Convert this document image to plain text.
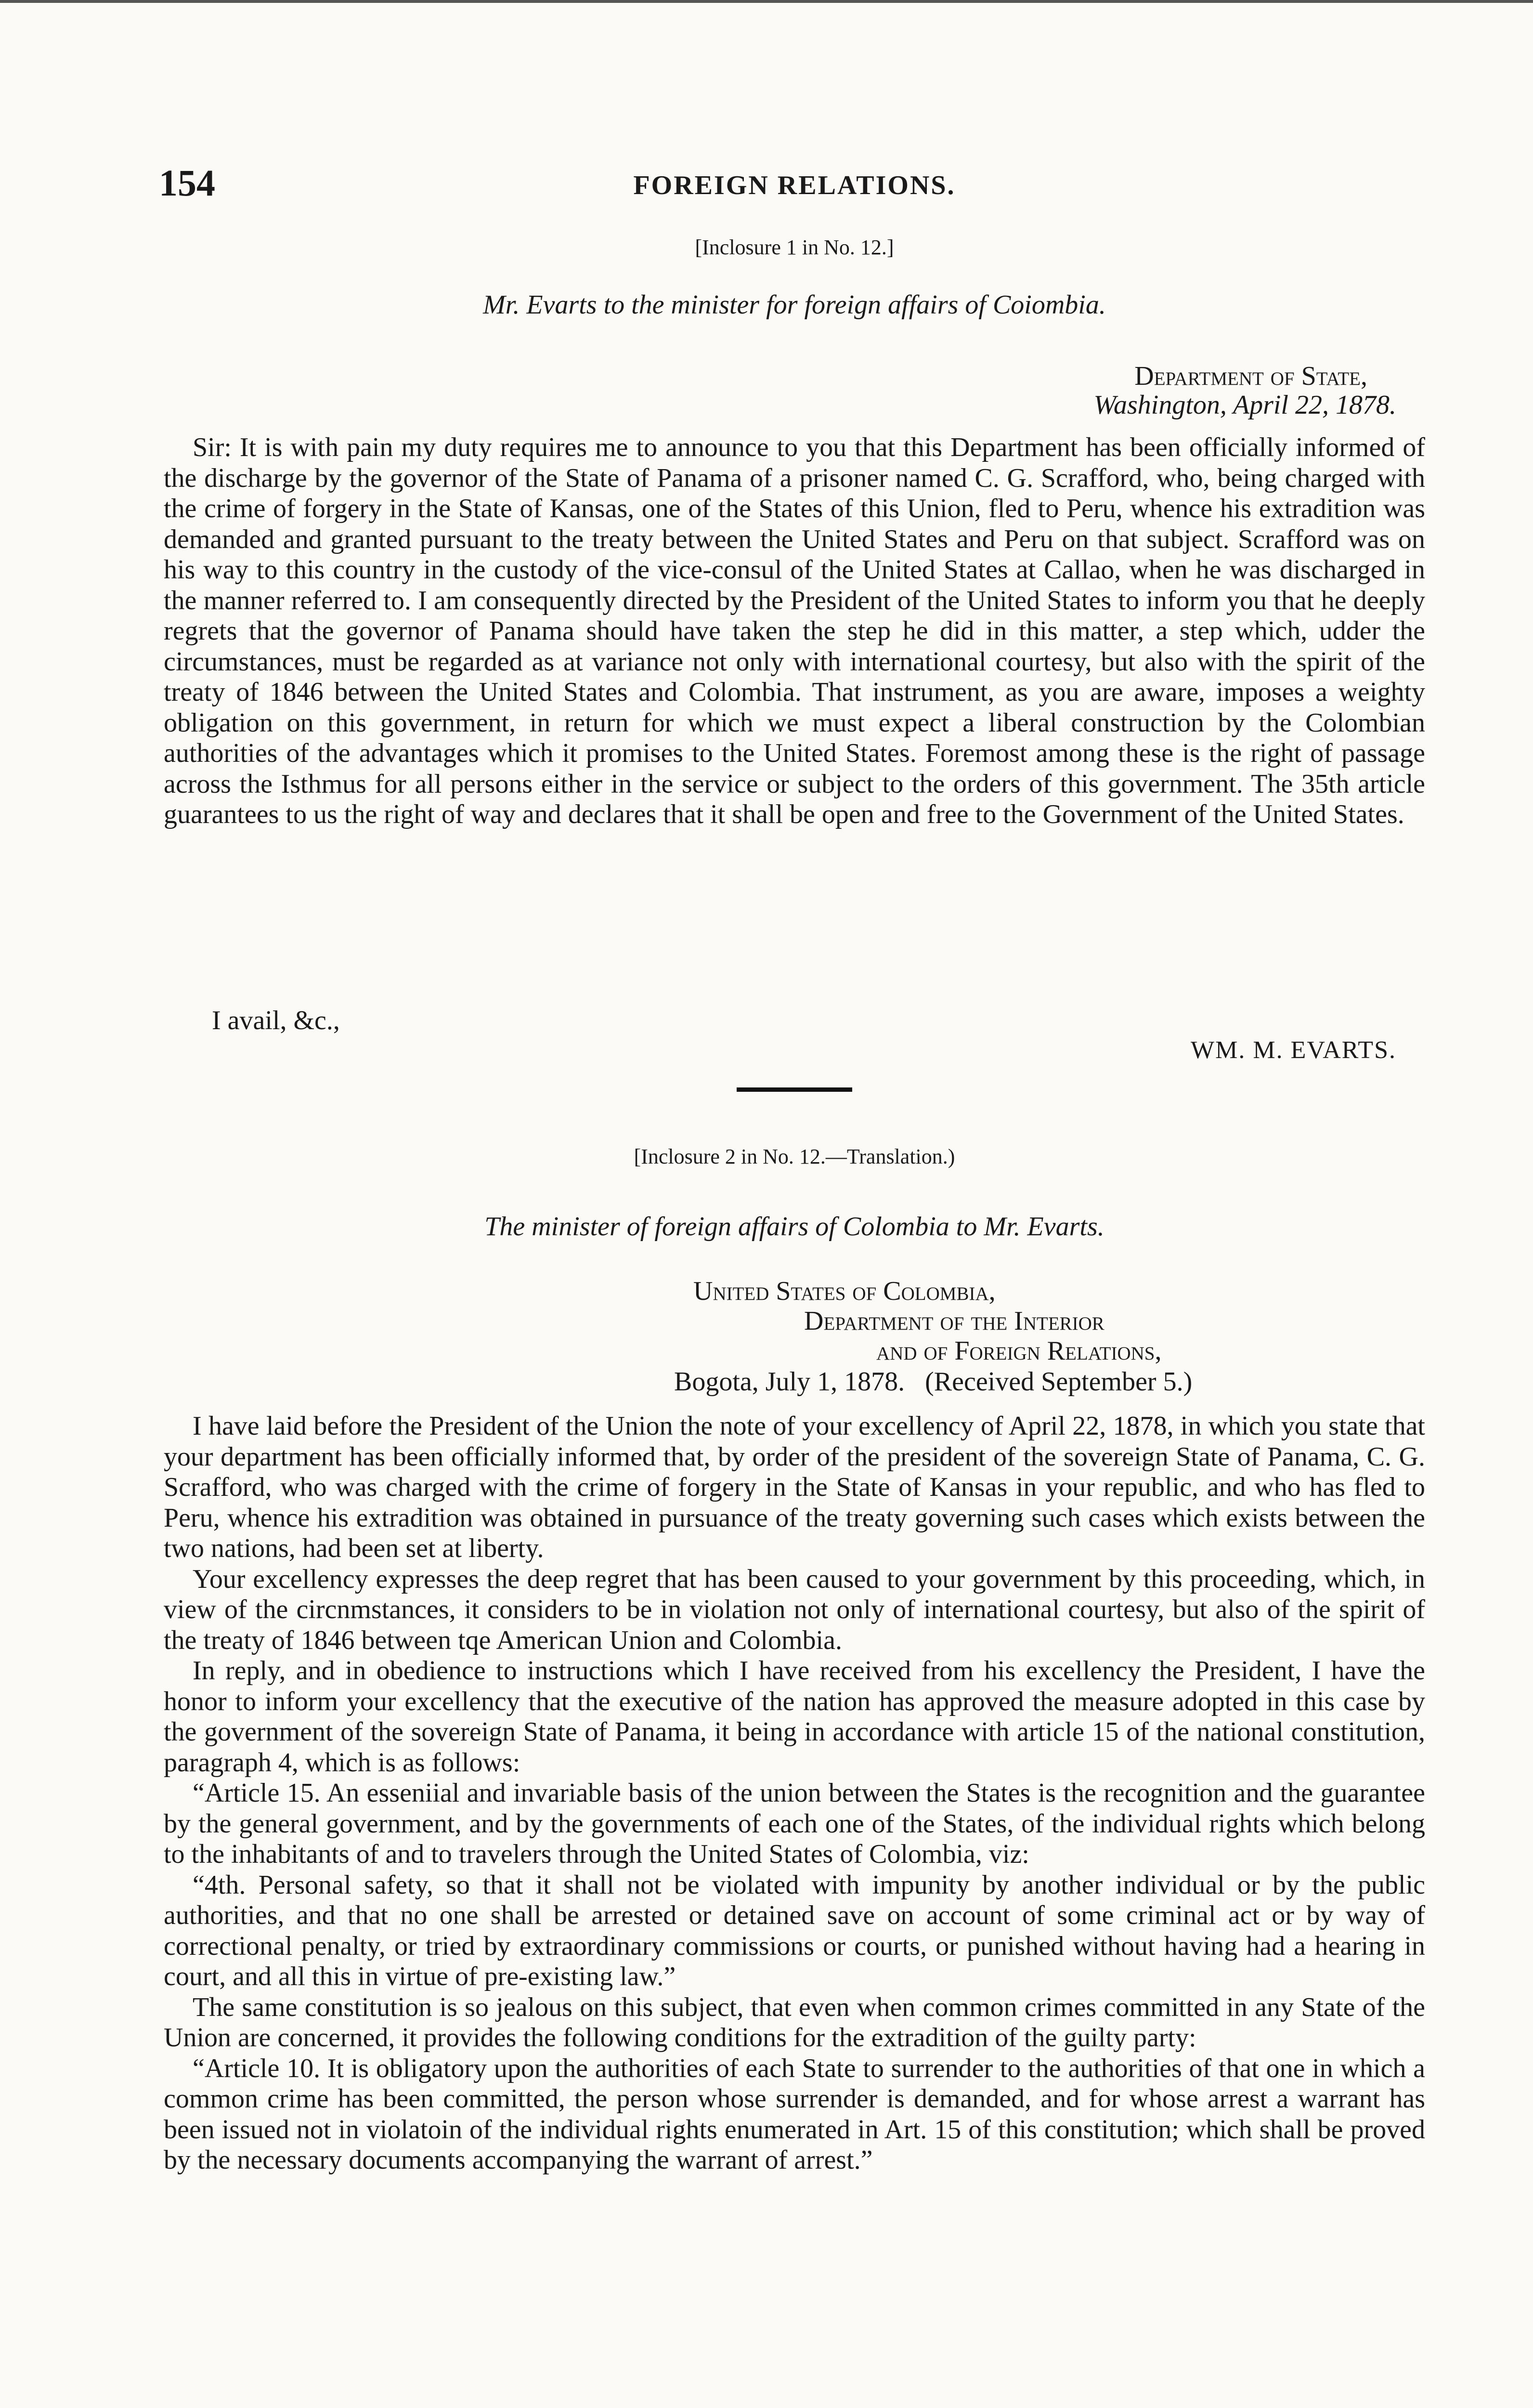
154	FOREIGN RELATIONS.
[Inclosure 1 in No. 12.]
Mr. Evarts to the minister for foreign affairs of Coiombia.
Department of State,
Washington, April 22, 1878.

Sir: It is with pain my duty requires me to announce to you that this Department has been officially informed of the discharge by the governor of the State of Panama of a prisoner named C. G. Scrafford, who, being charged with the crime of forgery in the State of Kansas, one of the States of this Union, fled to Peru, whence his extradition was demanded and granted pursuant to the treaty between the United States and Peru on that subject. Scrafford was on his way to this country in the custody of the vice-consul of the United States at Callao, when he was discharged in the manner referred to. I am consequently directed by the President of the United States to inform you that he deeply regrets that the governor of Panama should have taken the step he did in this matter, a step which, udder the circumstances, must be regarded as at variance not only with international courtesy, but also with the spirit of the treaty of 1846 between the United States and Colombia. That instrument, as you are aware, imposes a weighty obligation on this government, in return for which we must expect a liberal construction by the Colombian authorities of the advantages which it promises to the United States. Foremost among these is the right of passage across the Isthmus for all persons either in the service or subject to the orders of this government. The 35th article guarantees to us the right of way and declares that it shall be open and free to the Government of the United States.

I avail, &c.,
WM. M. EVARTS.
[Inclosure 2 in No. 12.—Translation.)
The minister of foreign affairs of Colombia to Mr. Evarts.
United States of Colombia,
Department of the Interior
and of Foreign Relations,
Bogota, July 1, 1878.   (Received September 5.)

I have laid before the President of the Union the note of your excellency of April 22, 1878, in which you state that your department has been officially informed that, by order of the president of the sovereign State of Panama, C. G. Scrafford, who was charged with the crime of forgery in the State of Kansas in your republic, and who has fled to Peru, whence his extradition was obtained in pursuance of the treaty governing such cases which exists between the two nations, had been set at liberty.

Your excellency expresses the deep regret that has been caused to your government by this proceeding, which, in view of the circnmstances, it considers to be in violation not only of international courtesy, but also of the spirit of the treaty of 1846 between tqe American Union and Colombia.

In reply, and in obedience to instructions which I have received from his excellency the President, I have the honor to inform your excellency that the executive of the nation has approved the measure adopted in this case by the government of the sovereign State of Panama, it being in accordance with article 15 of the national constitution, paragraph 4, which is as follows:

“Article 15. An esseniial and invariable basis of the union between the States is the recognition and the guarantee by the general government, and by the governments of each one of the States, of the individual rights which belong to the inhabitants of and to travelers through the United States of Colombia, viz:

“4th. Personal safety, so that it shall not be violated with impunity by another individual or by the public authorities, and that no one shall be arrested or detained save on account of some criminal act or by way of correctional penalty, or tried by extraordinary commissions or courts, or punished without having had a hearing in court, and all this in virtue of pre-existing law.”

The same constitution is so jealous on this subject, that even when common crimes committed in any State of the Union are concerned, it provides the following conditions for the extradition of the guilty party:

“Article 10. It is obligatory upon the authorities of each State to surrender to the authorities of that one in which a common crime has been committed, the person whose surrender is demanded, and for whose arrest a warrant has been issued not in violatoin of the individual rights enumerated in Art. 15 of this constitution; which shall be proved by the necessary documents accompanying the warrant of arrest.”
